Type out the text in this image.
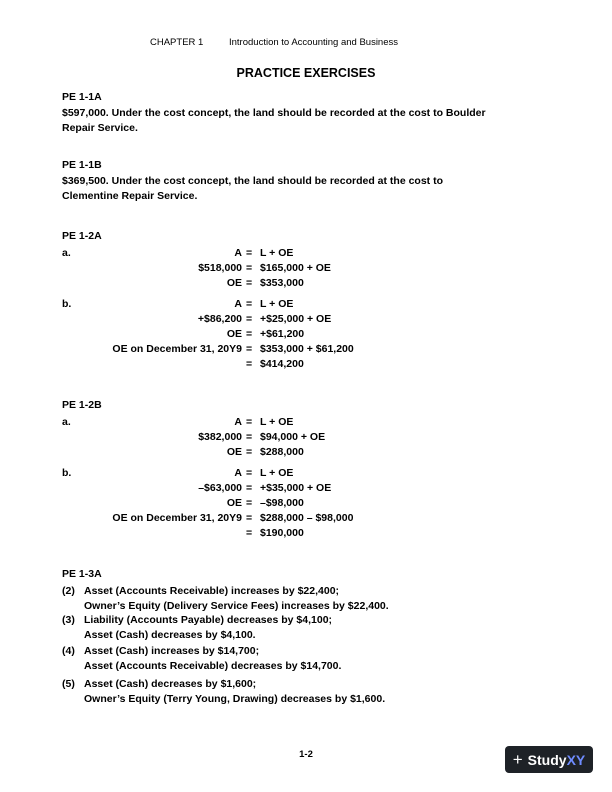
CHAPTER 1	Introduction to Accounting and Business
PRACTICE EXERCISES
PE 1-1A
$597,000. Under the cost concept, the land should be recorded at the cost to Boulder
Repair Service.
PE 1-1B
$369,500. Under the cost concept, the land should be recorded at the cost to
Clementine Repair Service.
PE 1-2A
a.	A = L + OE
$518,000 = $165,000 + OE
OE = $353,000
b.	A = L + OE
+$86,200 = +$25,000 + OE
OE = +$61,200
OE on December 31, 20Y9 = $353,000 + $61,200
= $414,200
PE 1-2B
a.	A = L + OE
$382,000 = $94,000 + OE
OE = $288,000
b.	A = L + OE
–$63,000 = +$35,000 + OE
OE = –$98,000
OE on December 31, 20Y9 = $288,000 – $98,000
= $190,000
PE 1-3A
(2) Asset (Accounts Receivable) increases by $22,400;
Owner’s Equity (Delivery Service Fees) increases by $22,400.
(3) Liability (Accounts Payable) decreases by $4,100;
Asset (Cash) decreases by $4,100.
(4) Asset (Cash) increases by $14,700;
Asset (Accounts Receivable) decreases by $14,700.
(5) Asset (Cash) decreases by $1,600;
Owner’s Equity (Terry Young, Drawing) decreases by $1,600.
1-2	+ Study XY
